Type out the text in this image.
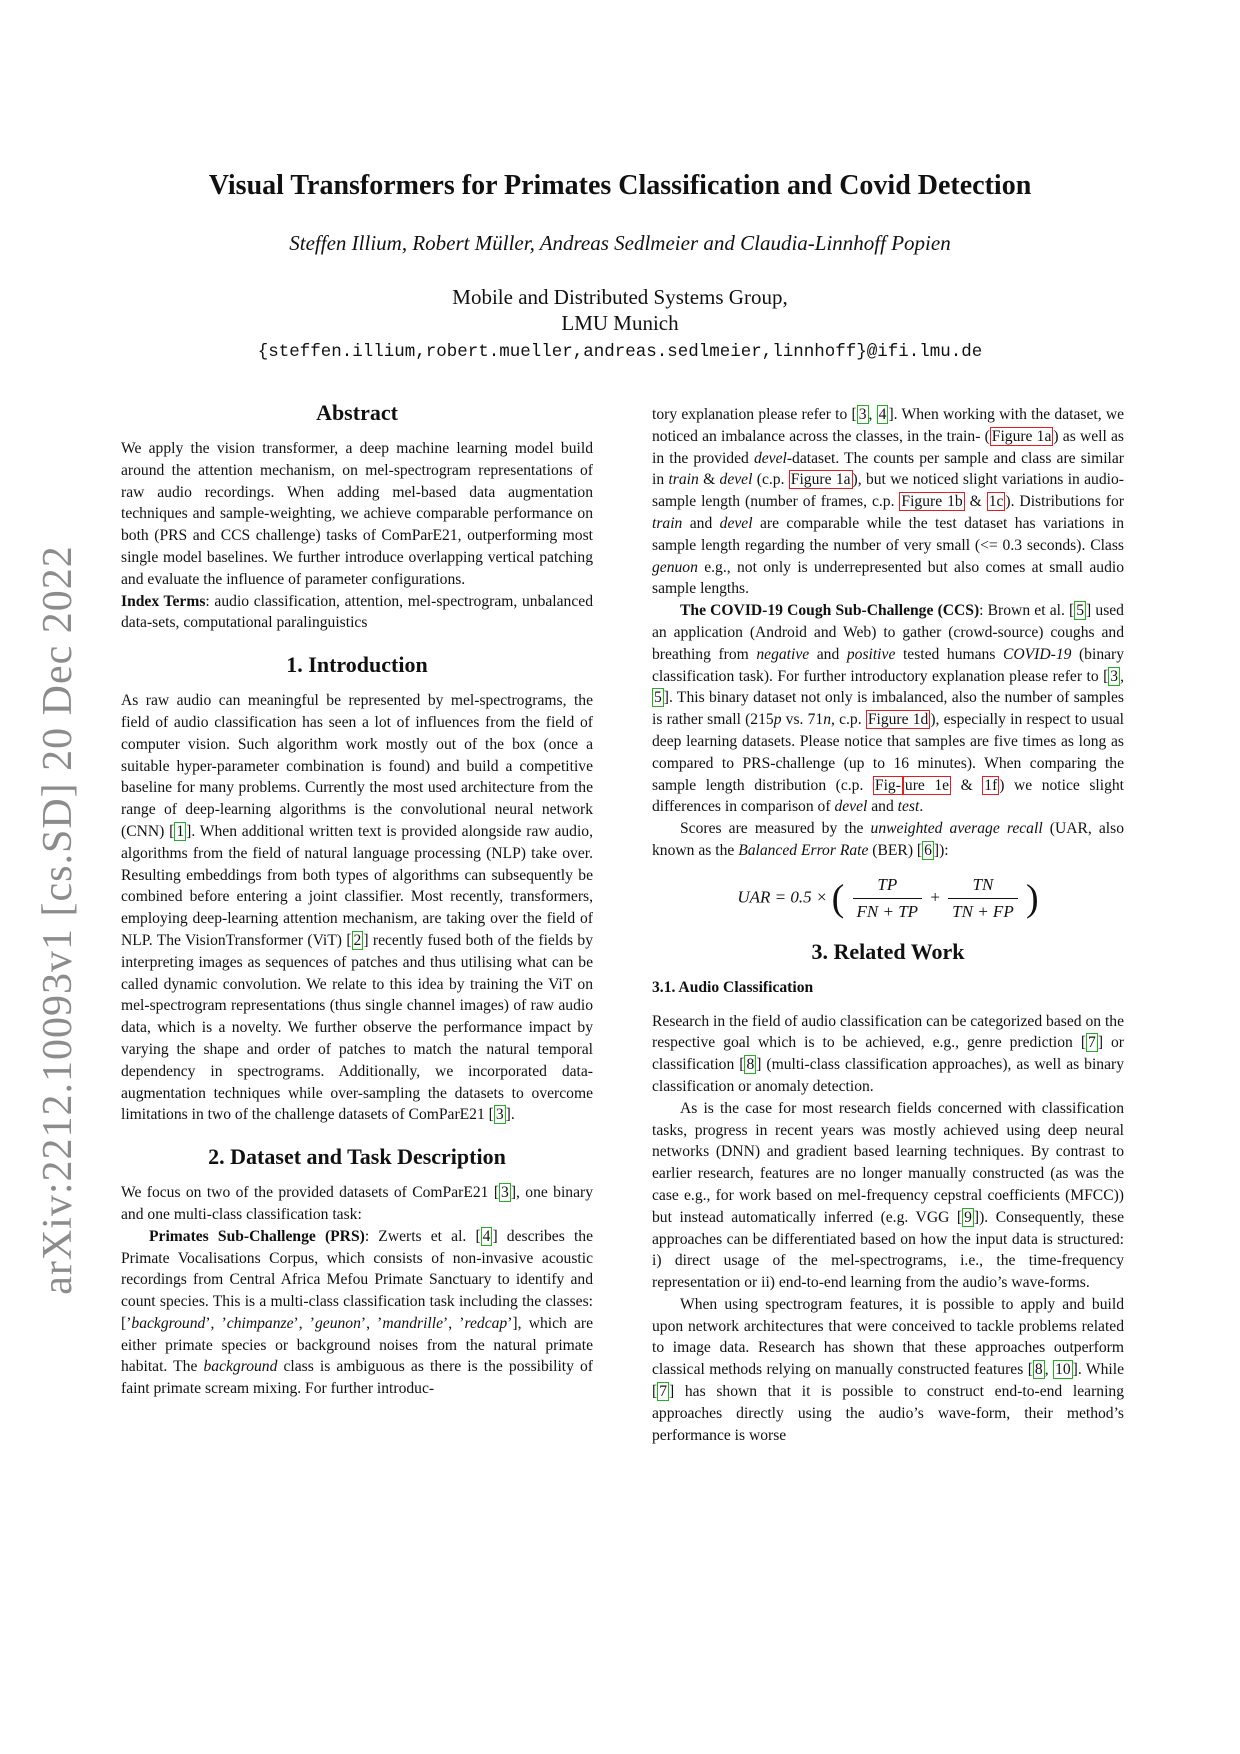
arXiv:2212.10093v1 [cs.SD] 20 Dec 2022
Visual Transformers for Primates Classification and Covid Detection
Steffen Illium, Robert Müller, Andreas Sedlmeier and Claudia-Linnhoff Popien
Mobile and Distributed Systems Group,
LMU Munich
{steffen.illium,robert.mueller,andreas.sedlmeier,linnhoff}@ifi.lmu.de
Abstract

We apply the vision transformer, a deep machine learning model build around the attention mechanism, on mel-spectrogram representations of raw audio recordings. When adding mel-based data augmentation techniques and sample-weighting, we achieve comparable performance on both (PRS and CCS challenge) tasks of ComParE21, outperforming most single model baselines. We further introduce overlapping vertical patching and evaluate the influence of parameter configurations.

Index Terms: audio classification, attention, mel-spectrogram, unbalanced data-sets, computational paralinguistics

1. Introduction

As raw audio can meaningful be represented by mel-spectrograms, the field of audio classification has seen a lot of influences from the field of computer vision. Such algorithm work mostly out of the box (once a suitable hyper-parameter combination is found) and build a competitive baseline for many problems. Currently the most used architecture from the range of deep-learning algorithms is the convolutional neural network (CNN) [ 1 ]. When additional written text is provided alongside raw audio, algorithms from the field of natural language processing (NLP) take over. Resulting embeddings from both types of algorithms can subsequently be combined before entering a joint classifier. Most recently, transformers, employing deep-learning attention mechanism, are taking over the field of NLP. The VisionTransformer (ViT) [ 2 ] recently fused both of the fields by interpreting images as sequences of patches and thus utilising what can be called dynamic convolution. We relate to this idea by training the ViT on mel-spectrogram representations (thus single channel images) of raw audio data, which is a novelty. We further observe the performance impact by varying the shape and order of patches to match the natural temporal dependency in spectrograms. Additionally, we incorporated data-augmentation techniques while over-sampling the datasets to overcome limitations in two of the challenge datasets of ComParE21 [ 3 ].

2. Dataset and Task Description

We focus on two of the provided datasets of ComParE21 [ 3 ], one binary and one multi-class classification task:

Primates Sub-Challenge (PRS): Zwerts et al. [ 4 ] describes the Primate Vocalisations Corpus, which consists of non-invasive acoustic recordings from Central Africa Mefou Primate Sanctuary to identify and count species. This is a multi-class classification task including the classes: [’background’, ’chimpanze’, ’geunon’, ’mandrille’, ’redcap’], which are either primate species or background noises from the natural primate habitat. The background class is ambiguous as there is the possibility of faint primate scream mixing. For further introduc-

tory explanation please refer to [ 3 , 4 ]. When working with the dataset, we noticed an imbalance across the classes, in the train- ( Figure 1a ) as well as in the provided devel-dataset. The counts per sample and class are similar in train & devel (c.p. Figure 1a ), but we noticed slight variations in audio-sample length (number of frames, c.p. Figure 1b & 1c ). Distributions for train and devel are comparable while the test dataset has variations in sample length regarding the number of very small (<= 0.3 seconds). Class genuon e.g., not only is underrepresented but also comes at small audio sample lengths.

The COVID-19 Cough Sub-Challenge (CCS): Brown et al. [ 5 ] used an application (Android and Web) to gather (crowd-source) coughs and breathing from negative and positive tested humans COVID-19 (binary classification task). For further introductory explanation please refer to [ 3 , 5 ]. This binary dataset not only is imbalanced, also the number of samples is rather small (215p vs. 71n, c.p. Figure 1d ), especially in respect to usual deep learning datasets. Please notice that samples are five times as long as compared to PRS-challenge (up to 16 minutes). When comparing the sample length distribution (c.p. Fig- ure 1e & 1f ) we notice slight differences in comparison of devel and test.

Scores are measured by the unweighted average recall (UAR, also known as the Balanced Error Rate (BER) [ 6 ]):

UAR = 0.5 × ( $\frac{TP}{FN + TP} + \frac{TN}{TN + FP}$ )
3. Related Work
3.1. Audio Classification

Research in the field of audio classification can be categorized based on the respective goal which is to be achieved, e.g., genre prediction [ 7 ] or classification [ 8 ] (multi-class classification approaches), as well as binary classification or anomaly detection.

As is the case for most research fields concerned with classification tasks, progress in recent years was mostly achieved using deep neural networks (DNN) and gradient based learning techniques. By contrast to earlier research, features are no longer manually constructed (as was the case e.g., for work based on mel-frequency cepstral coefficients (MFCC)) but instead automatically inferred (e.g. VGG [ 9 ]). Consequently, these approaches can be differentiated based on how the input data is structured: i) direct usage of the mel-spectrograms, i.e., the time-frequency representation or ii) end-to-end learning from the audio’s wave-forms.

When using spectrogram features, it is possible to apply and build upon network architectures that were conceived to tackle problems related to image data. Research has shown that these approaches outperform classical methods relying on manually constructed features [ 8 , 10 ]. While [ 7 ] has shown that it is possible to construct end-to-end learning approaches directly using the audio’s wave-form, their method’s performance is worse
